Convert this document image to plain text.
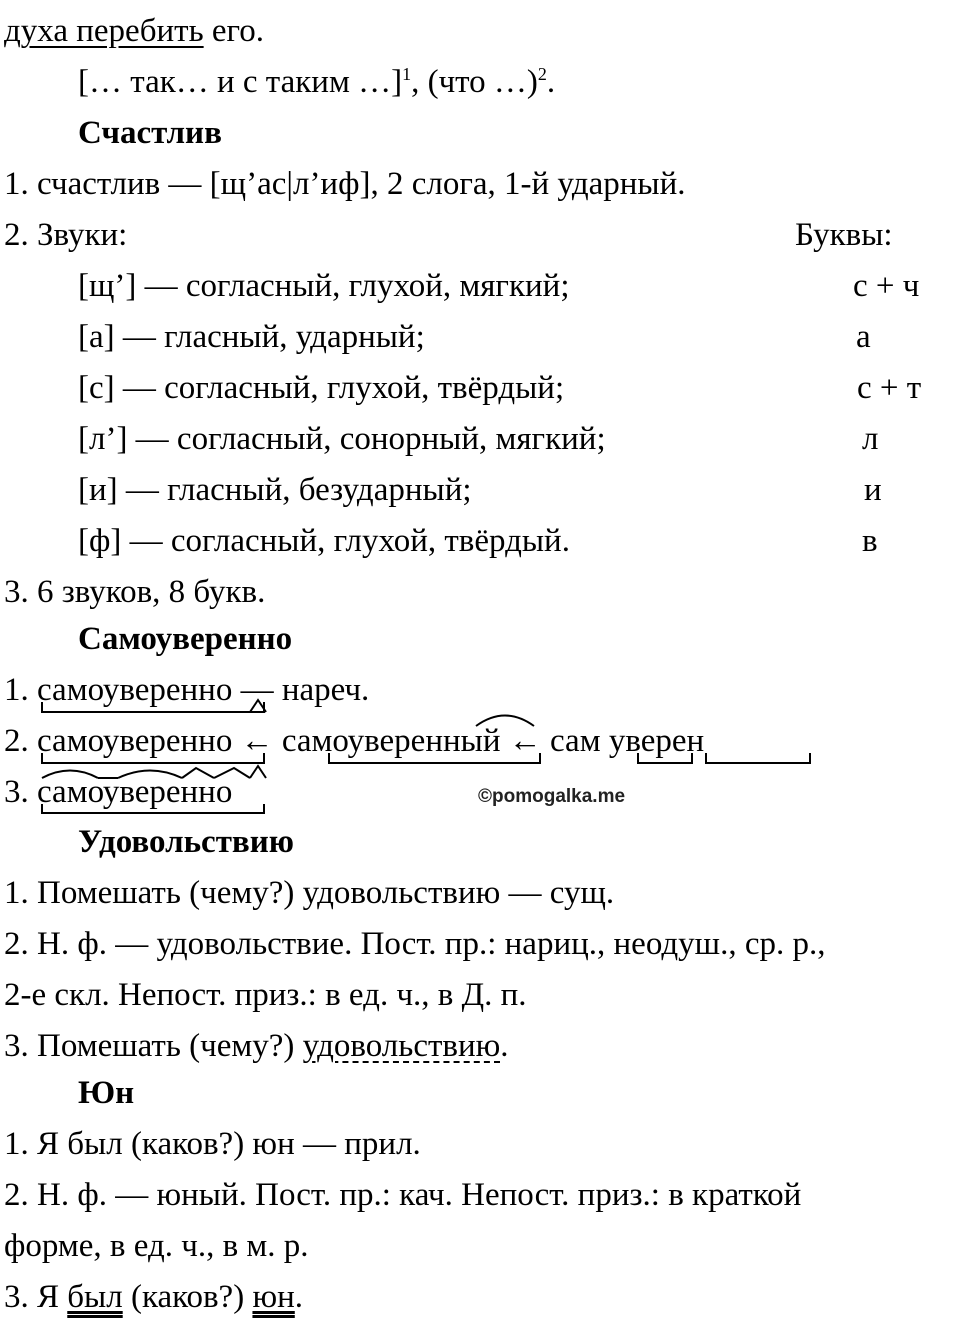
духа перебить его.
[… так… и с таким …]$^1$, (что …)$^2$.
Счастлив
1. счастлив — [щ’ас|л’иф], 2 слога, 1-й ударный.
2. Звуки:	Буквы:
[щ’] — согласный, глухой, мягкий;	с + ч
[а] — гласный, ударный;	а
[с] — согласный, глухой, твёрдый;	с + т
[л’] — согласный, сонорный, мягкий;	л
[и] — гласный, безударный;	и
[ф] — согласный, глухой, твёрдый.	в
3. 6 звуков, 8 букв.
Самоуверенно
1. самоуверенно — нареч.
2. самоуверенно ← самоуверенный ← сам уверен
3. самоуверенно	©pomogalka.me
Удовольствию
1. Помешать (чему?) удовольствию — сущ.
2. Н. ф. — удовольствие. Пост. пр.: нариц., неодуш., ср. р.,
2-е скл. Непост. приз.: в ед. ч., в Д. п.
3. Помешать (чему?) удовольствию.
Юн
1. Я был (каков?) юн — прил.
2. Н. ф. — юный. Пост. пр.: кач. Непост. приз.: в краткой
форме, в ед. ч., в м. р.
3. Я был (каков?) юн.
